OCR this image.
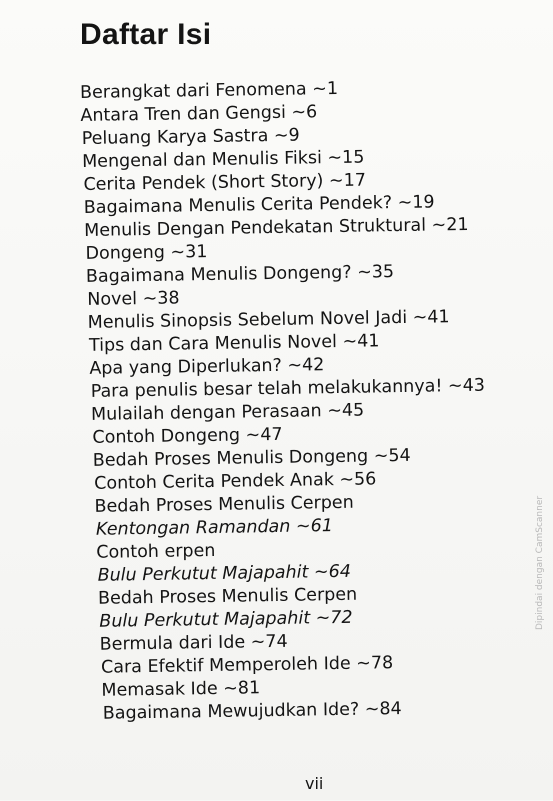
Daftar Isi
Berangkat dari Fenomena ~1
Antara Tren dan Gengsi ~6
Peluang Karya Sastra ~9
Mengenal dan Menulis Fiksi ~15
Cerita Pendek (Short Story) ~17
Bagaimana Menulis Cerita Pendek? ~19
Menulis Dengan Pendekatan Struktural ~21
Dongeng ~31
Bagaimana Menulis Dongeng? ~35
Novel ~38
Menulis Sinopsis Sebelum Novel Jadi ~41
Tips dan Cara Menulis Novel ~41
Apa yang Diperlukan? ~42
Para penulis besar telah melakukannya! ~43
Mulailah dengan Perasaan ~45
Contoh Dongeng ~47
Bedah Proses Menulis Dongeng ~54
Contoh Cerita Pendek Anak ~56
Bedah Proses Menulis Cerpen
Kentongan Ramandan ~61
Contoh erpen
Bulu Perkutut Majapahit ~64
Bedah Proses Menulis Cerpen
Bulu Perkutut Majapahit ~72
Bermula dari Ide ~74
Cara Efektif Memperoleh Ide ~78
Memasak Ide ~81
Bagaimana Mewujudkan Ide? ~84
vii
Dipindai dengan CamScanner
